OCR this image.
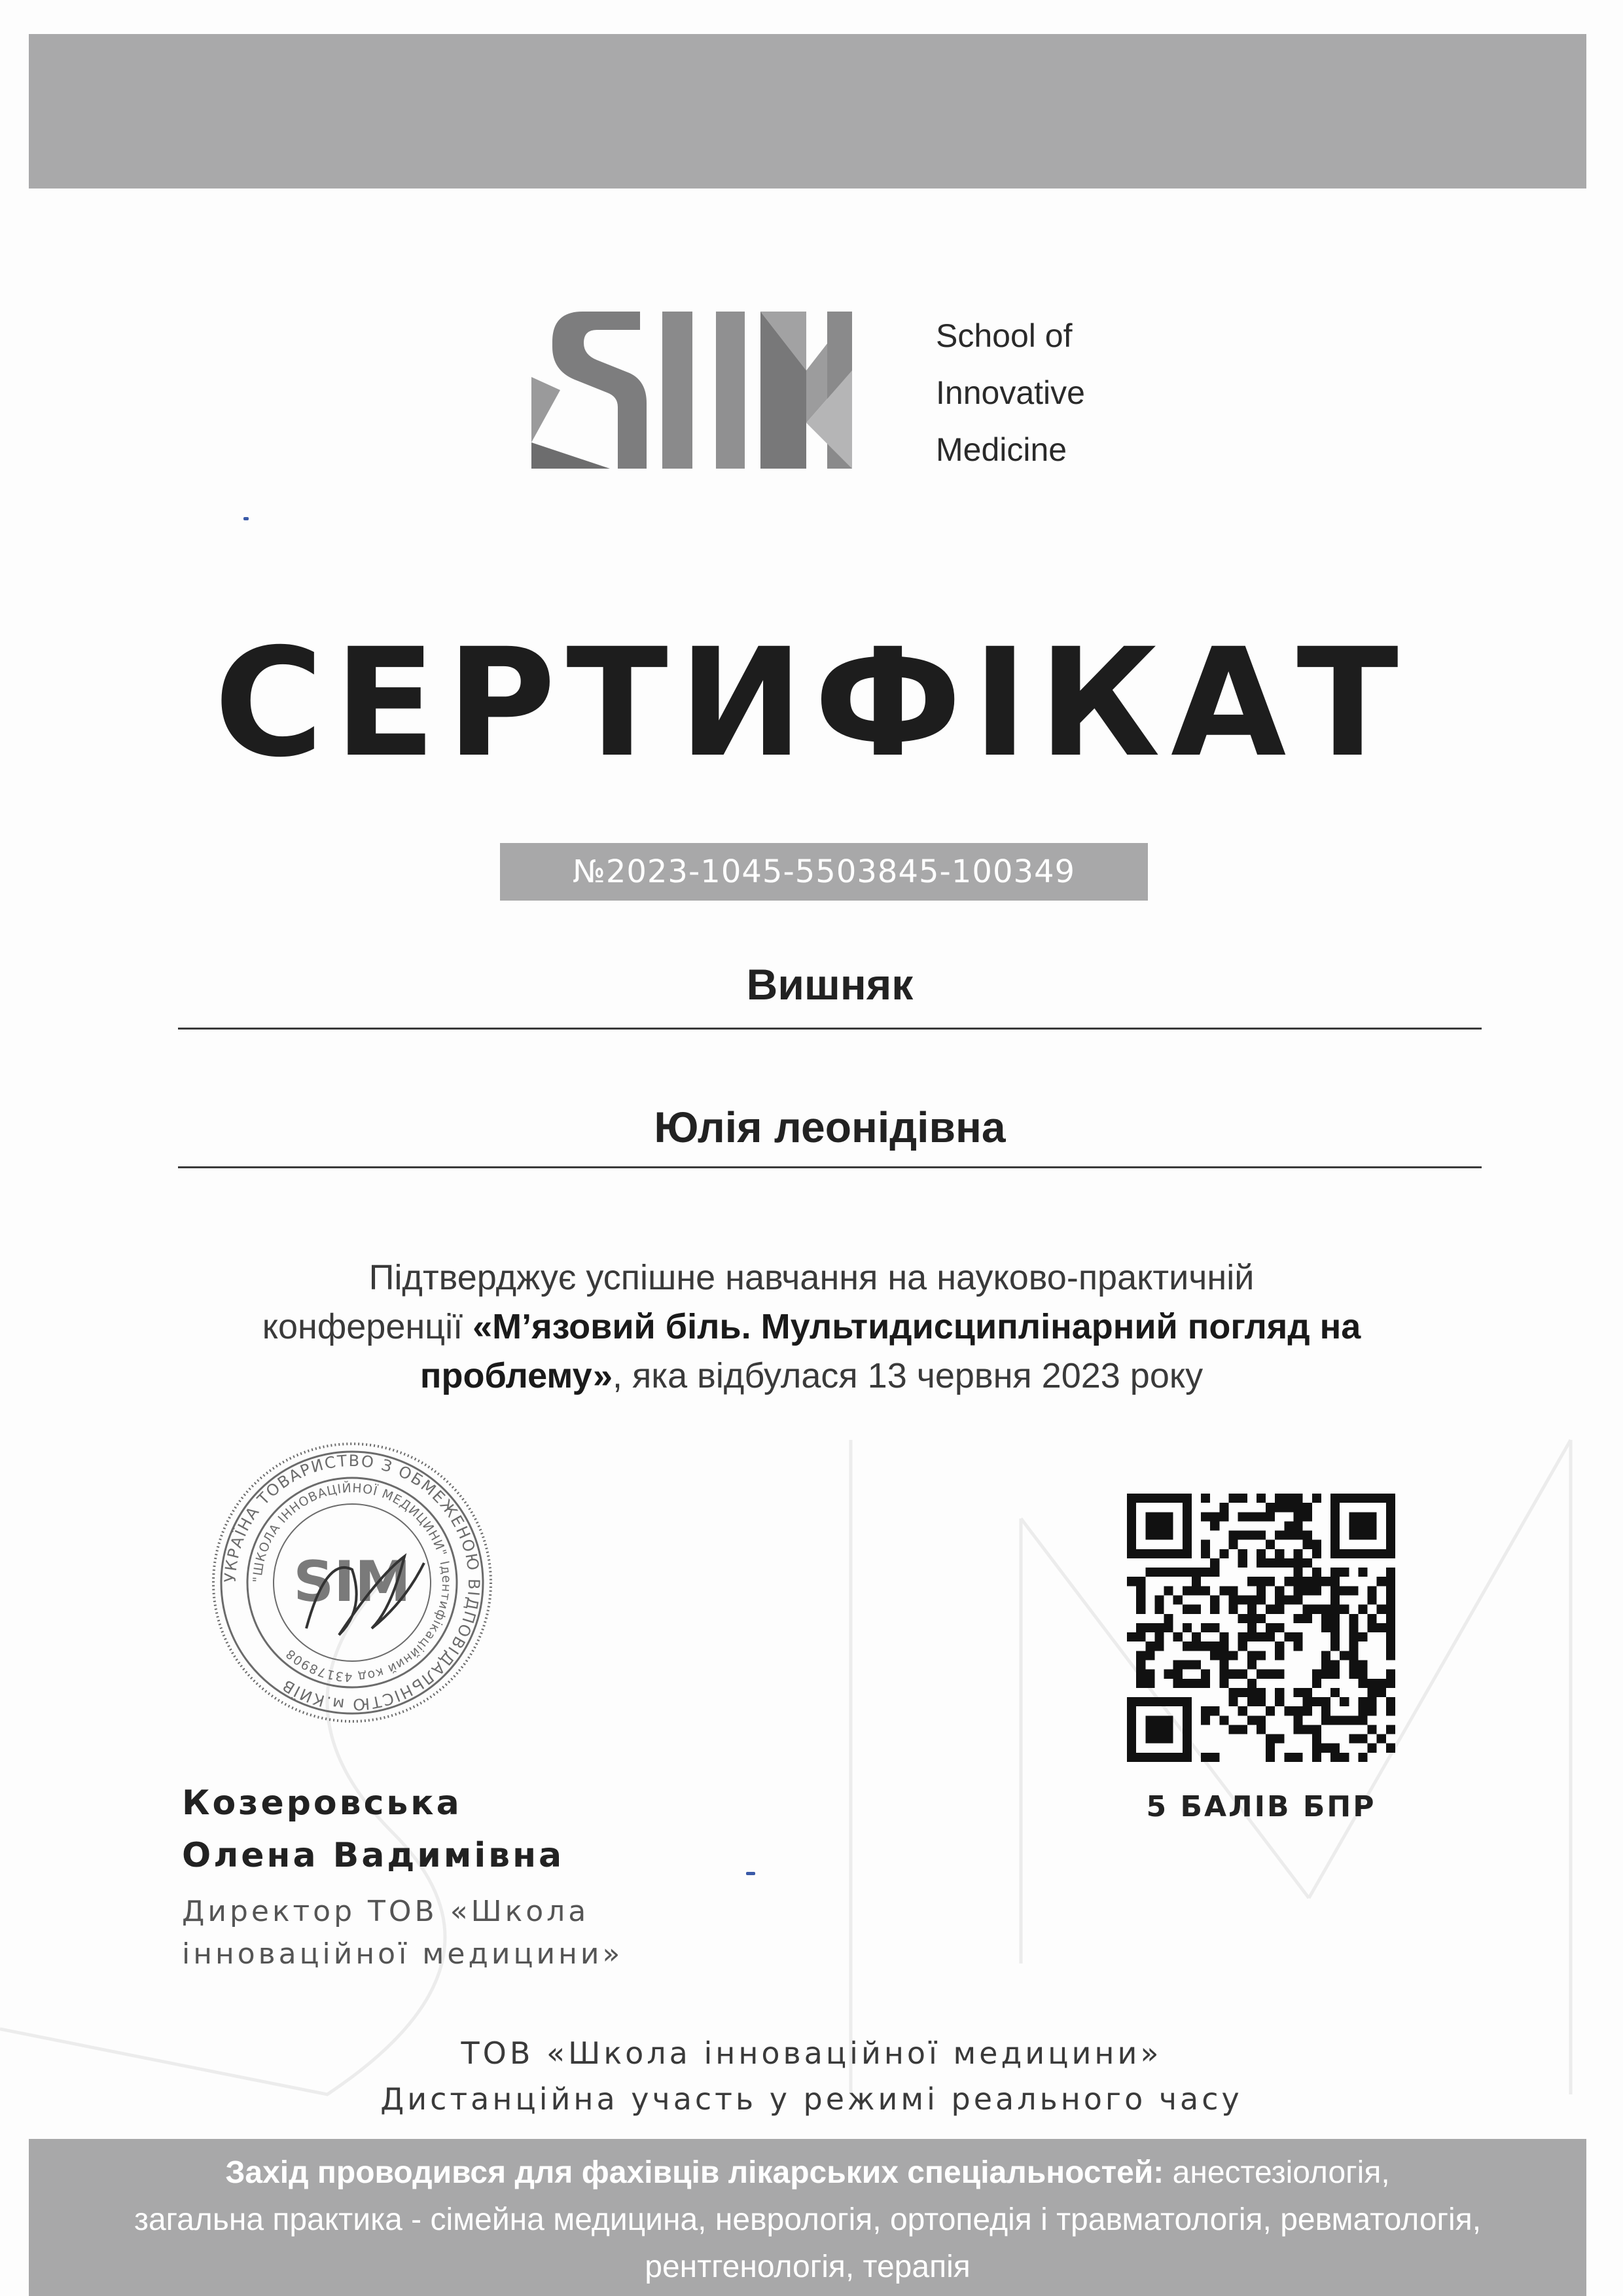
School of
Innovative
Medicine
СЕРТИФІКАТ
№2023-1045-5503845-100349
Вишняк
Юлія леонідівна
Підтверджує успішне навчання на науково-практичній
конференції «М’язовий біль. Мультидисциплінарний погляд на
проблему», яка відбулася 13 червня 2023 року
УКРАЇНА ТОВАРИСТВО З ОБМЕЖЕНОЮ ВІДПОВІДАЛЬНІСТЮ м.КИЇВ
"ШКОЛА ІННОВАЦІЙНОЇ МЕДИЦИНИ" Ідентифікаційний код 43178908
SIM
5 БАЛІВ БПР
Козеровська
Олена Вадимівна
Директор ТОВ «Школа
інноваційної медицини»
ТОВ «Школа інноваційної медицини»
Дистанційна участь у режимі реального часу
Захід проводився для фахівців лікарських спеціальностей: анестезіологія,
загальна практика - сімейна медицина, неврологія, ортопедія і травматологія, ревматологія,
рентгенологія, терапія
